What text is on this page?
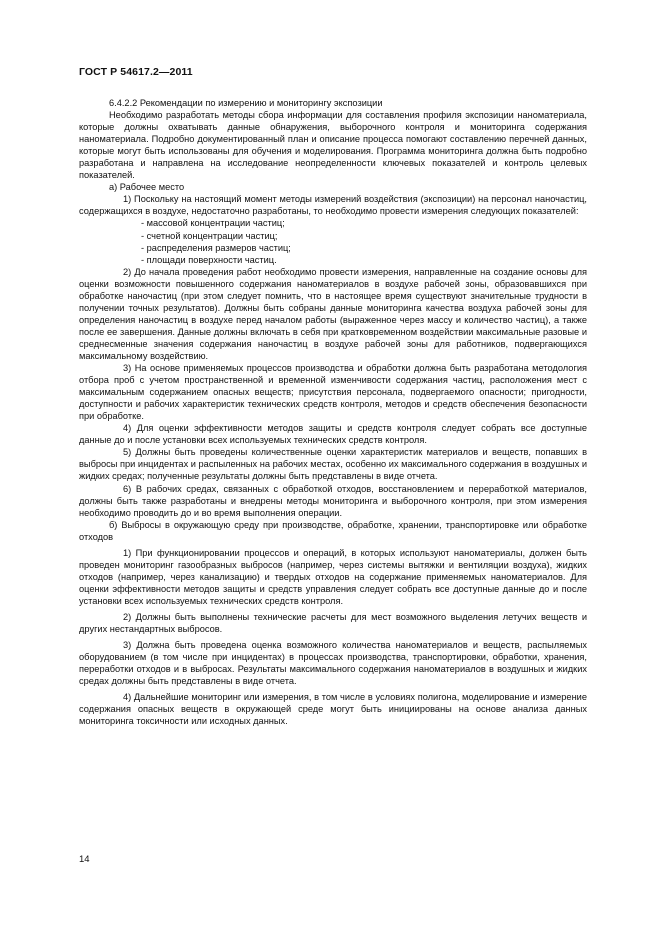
ГОСТ Р 54617.2—2011

6.4.2.2 Рекомендации по измерению и мониторингу экспозиции

Необходимо разработать методы сбора информации для составления профиля экспозиции наноматериала, которые должны охватывать данные обнаружения, выборочного контроля и мониторинга содержания наноматериала. Подробно документированный план и описание процесса помогают составлению перечней данных, которые могут быть использованы для обучения и моделирования. Программа мониторинга должна быть подробно разработана и направлена на исследование неопределенности ключевых показателей и контроль целевых показателей.

а) Рабочее место

1) Поскольку на настоящий момент методы измерений воздействия (экспозиции) на персонал наночастиц, содержащихся в воздухе, недостаточно разработаны, то необходимо провести измерения следующих показателей:

- массовой концентрации частиц;

- счетной концентрации частиц;

- распределения размеров частиц;

- площади поверхности частиц.

2) До начала проведения работ необходимо провести измерения, направленные на создание основы для оценки возможности повышенного содержания наноматериалов в воздухе рабочей зоны, образовавшихся при обработке наночастиц (при этом следует помнить, что в настоящее время существуют значительные трудности в получении точных результатов). Должны быть собраны данные мониторинга качества воздуха рабочей зоны для определения наночастиц в воздухе перед началом работы (выраженное через массу и количество частиц), а также после ее завершения. Данные должны включать в себя при кратковременном воздействии максимальные разовые и среднесменные значения содержания наночастиц в воздухе рабочей зоны для работников, подвергающихся максимальному воздействию.

3) На основе применяемых процессов производства и обработки должна быть разработана методология отбора проб с учетом пространственной и временной изменчивости содержания частиц, расположения мест с максимальным содержанием опасных веществ; присутствия персонала, подвергаемого опасности; пригодности, доступности и рабочих характеристик технических средств контроля, методов и средств обеспечения безопасности при обработке.

4) Для оценки эффективности методов защиты и средств контроля следует собрать все доступные данные до и после установки всех используемых технических средств контроля.

5) Должны быть проведены количественные оценки характеристик материалов и веществ, попавших в выбросы при инцидентах и распыленных на рабочих местах, особенно их максимального содержания в воздушных и жидких средах; полученные результаты должны быть представлены в виде отчета.

6) В рабочих средах, связанных с обработкой отходов, восстановлением и переработкой материалов, должны быть также разработаны и внедрены методы мониторинга и выборочного контроля, при этом измерения необходимо проводить до и во время выполнения операции.

б) Выбросы в окружающую среду при производстве, обработке, хранении, транспортировке или обработке отходов

1) При функционировании процессов и операций, в которых используют наноматериалы, должен быть проведен мониторинг газообразных выбросов (например, через системы вытяжки и вентиляции воздуха), жидких отходов (например, через канализацию) и твердых отходов на содержание применяемых наноматериалов. Для оценки эффективности методов защиты и средств управления следует собрать все доступные данные до и после установки всех используемых технических средств контроля.

2) Должны быть выполнены технические расчеты для мест возможного выделения летучих веществ и других нестандартных выбросов.

3) Должна быть проведена оценка возможного количества наноматериалов и веществ, распыляемых оборудованием (в том числе при инцидентах) в процессах производства, транспортировки, обработки, хранения, переработки отходов и в выбросах. Результаты максимального содержания наноматериалов в воздушных и жидких средах должны быть представлены в виде отчета.

4) Дальнейшие мониторинг или измерения, в том числе в условиях полигона, моделирование и измерение содержания опасных веществ в окружающей среде могут быть инициированы на основе анализа данных мониторинга токсичности или исходных данных.

14
